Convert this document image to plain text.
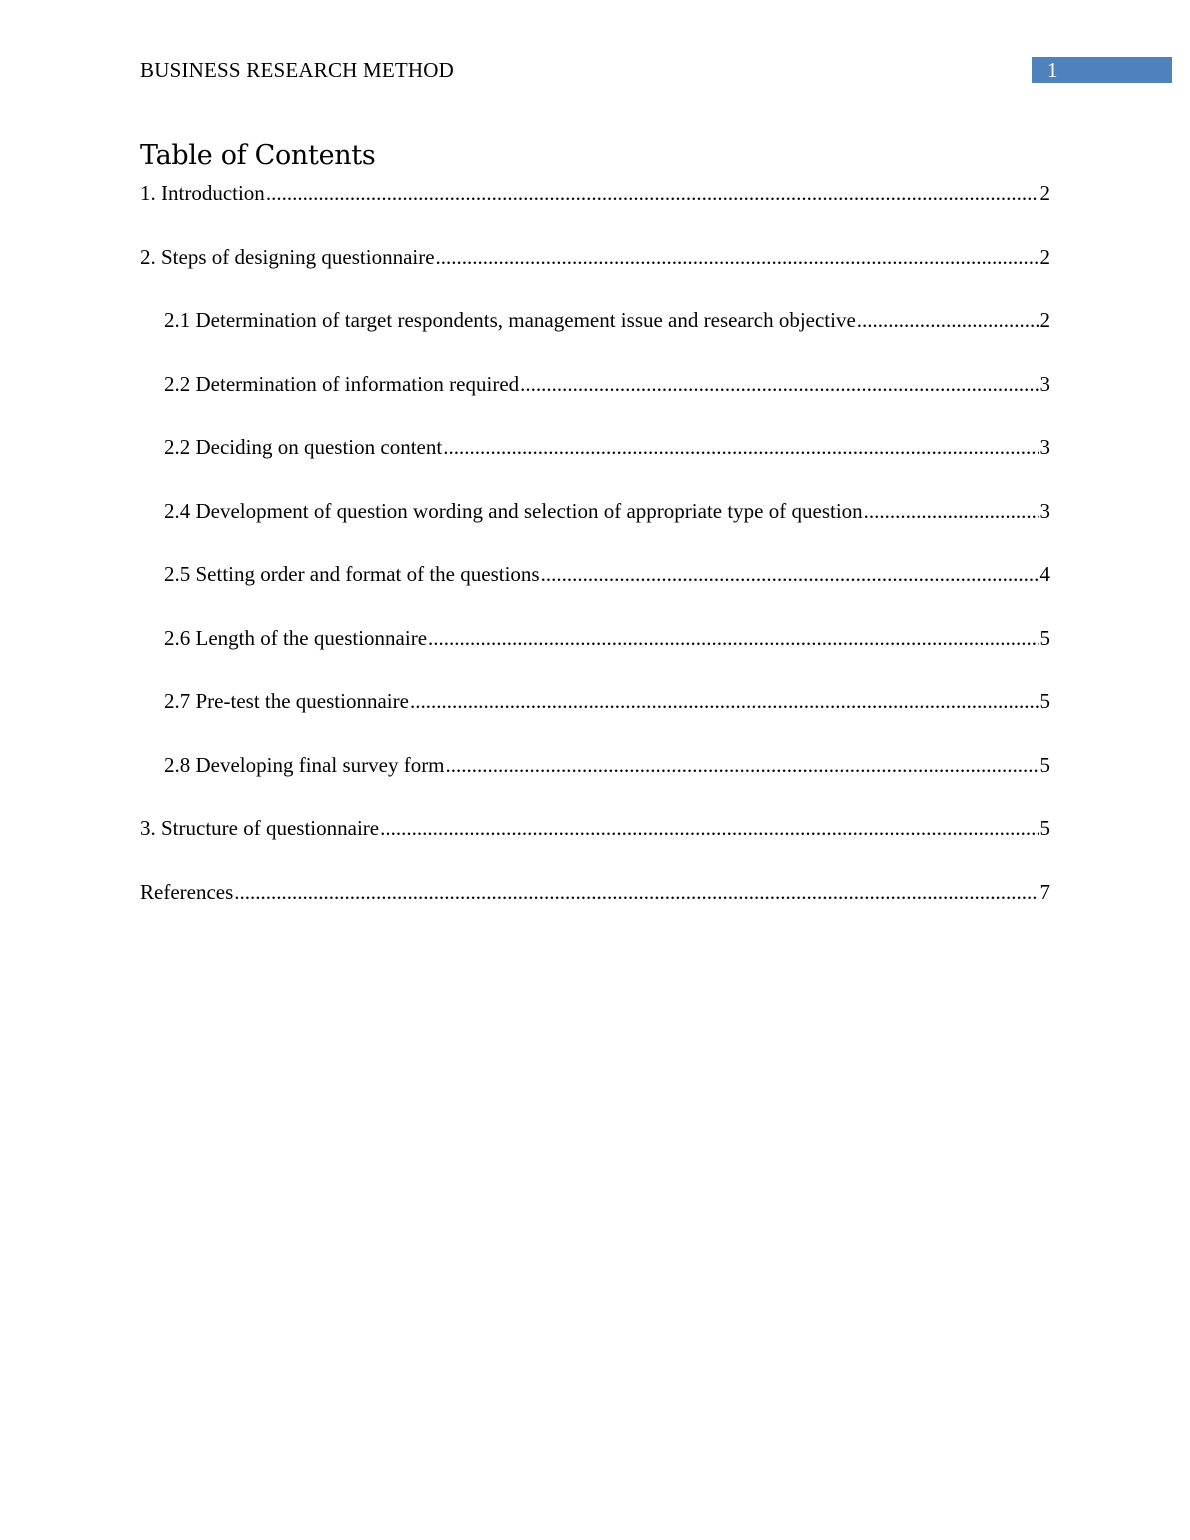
BUSINESS RESEARCH METHOD	1
Table of Contents
1. Introduction .....	2
2. Steps of designing questionnaire .....	2
2.1 Determination of target respondents, management issue and research objective .....	2
2.2 Determination of information required .....	3
2.2 Deciding on question content .....	3
2.4 Development of question wording and selection of appropriate type of question .....	3
2.5 Setting order and format of the questions .....	4
2.6 Length of the questionnaire .....	5
2.7 Pre-test the questionnaire .....	5
2.8 Developing final survey form .....	5
3. Structure of questionnaire .....	5
References .....	7
